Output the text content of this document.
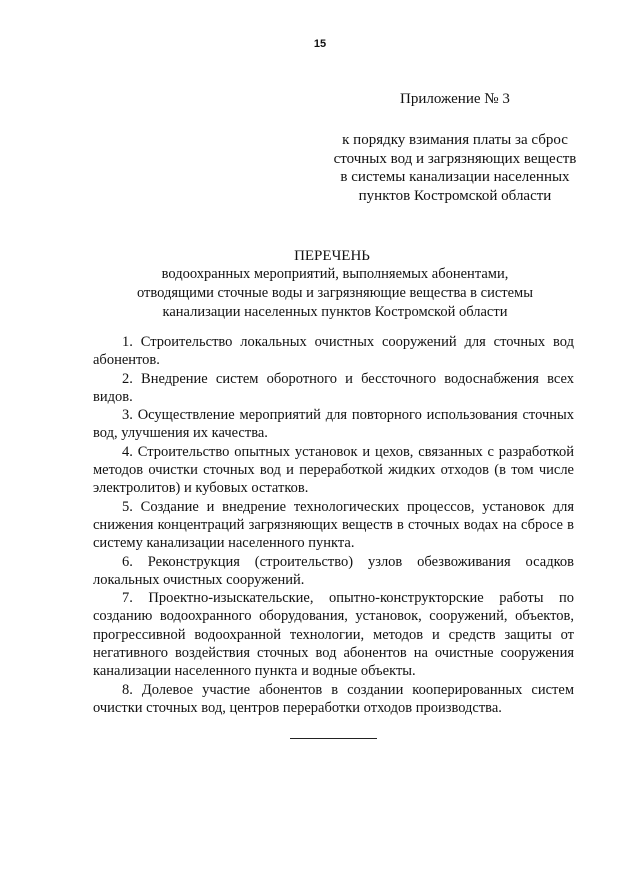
15
Приложение № 3
к порядку взимания платы за сброс сточных вод и загрязняющих веществ в системы канализации населенных пунктов Костромской области
ПЕРЕЧЕНЬ
водоохранных мероприятий, выполняемых абонентами, отводящими сточные воды и загрязняющие вещества в системы канализации населенных пунктов Костромской области

1. Строительство локальных очистных сооружений для сточных вод абонентов.

2. Внедрение систем оборотного и бессточного водоснабжения всех видов.

3. Осуществление мероприятий для повторного использования сточных вод, улучшения их качества.

4. Строительство опытных установок и цехов, связанных с разработкой методов очистки сточных вод и переработкой жидких отходов (в том числе электролитов) и кубовых остатков.

5. Создание и внедрение технологических процессов, установок для снижения концентраций загрязняющих веществ в сточных водах на сбросе в систему канализации населенного пункта.

6. Реконструкция (строительство) узлов обезвоживания осадков локальных очистных сооружений.

7. Проектно-изыскательские, опытно-конструкторские работы по созданию водоохранного оборудования, установок, сооружений, объектов, прогрессивной водоохранной технологии, методов и средств защиты от негативного воздействия сточных вод абонентов на очистные сооружения канализации населенного пункта и водные объекты.

8. Долевое участие абонентов в создании кооперированных систем очистки сточных вод, центров переработки отходов производства.
